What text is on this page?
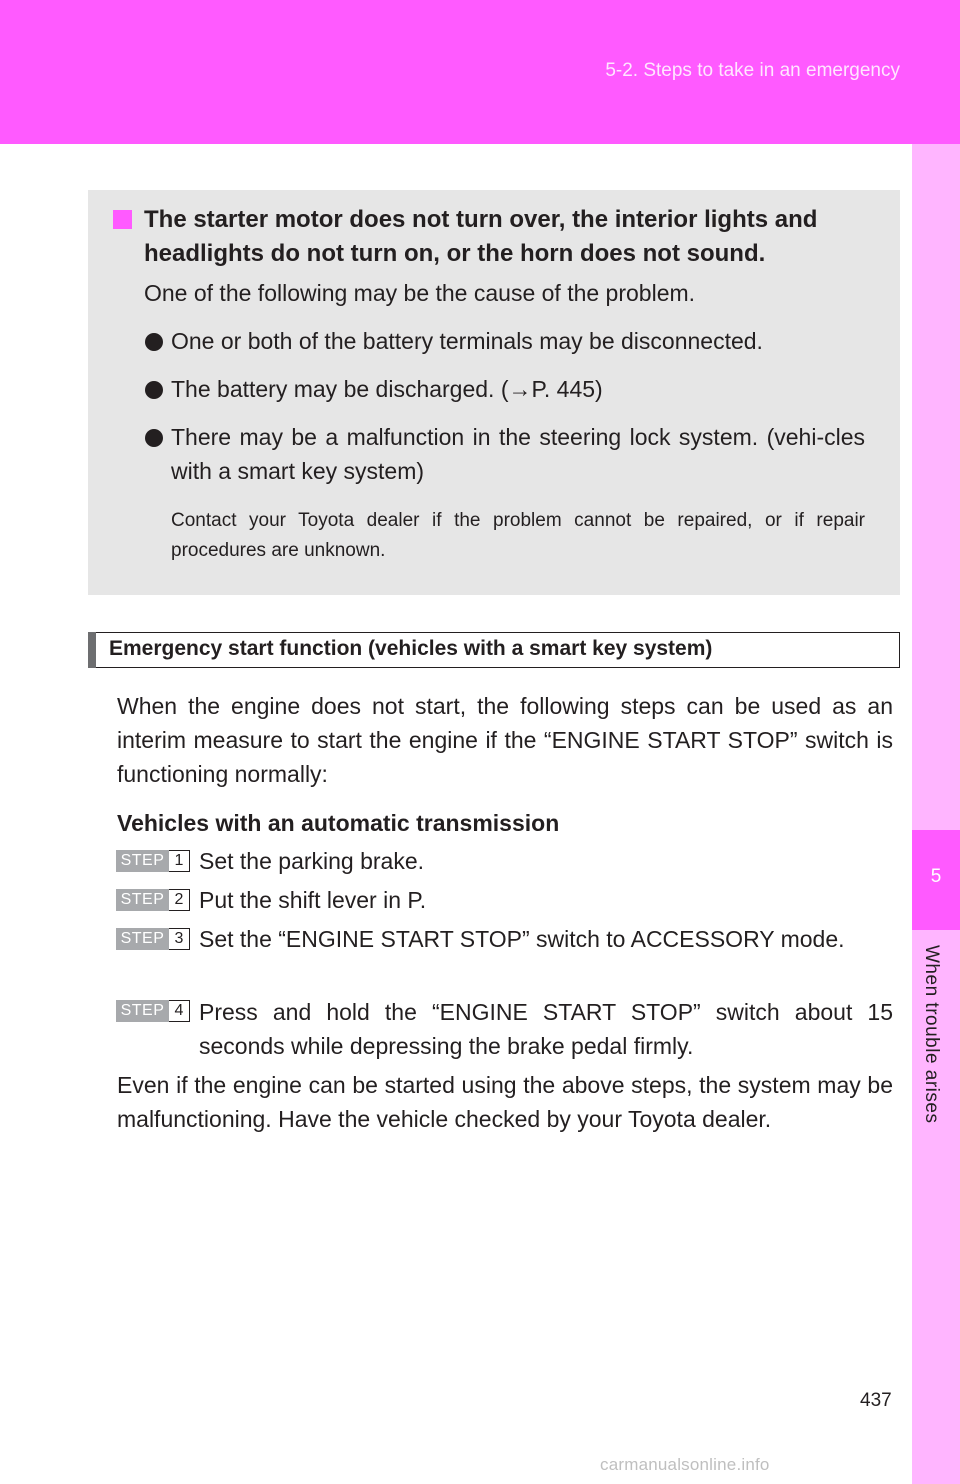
5-2. Steps to take in an emergency
5
When trouble arises
The starter motor does not turn over, the interior lights and headlights do not turn on, or the horn does not sound.
One of the following may be the cause of the problem.
One or both of the battery terminals may be disconnected.
The battery may be discharged. (→P. 445)
There may be a malfunction in the steering lock system. (vehi-cles with a smart key system)
Contact your Toyota dealer if the problem cannot be repaired, or if repair procedures are unknown.
Emergency start function (vehicles with a smart key system)
When the engine does not start, the following steps can be used as an interim measure to start the engine if the “ENGINE START STOP” switch is functioning normally:
Vehicles with an automatic transmission
STEP 1 Set the parking brake.
STEP 2 Put the shift lever in P.
STEP 3 Set the “ENGINE START STOP” switch to ACCESSORY mode.
STEP 4 Press and hold the “ENGINE START STOP” switch about 15 seconds while depressing the brake pedal firmly.
Even if the engine can be started using the above steps, the system may be malfunctioning. Have the vehicle checked by your Toyota dealer.
437
carmanualsonline.info
